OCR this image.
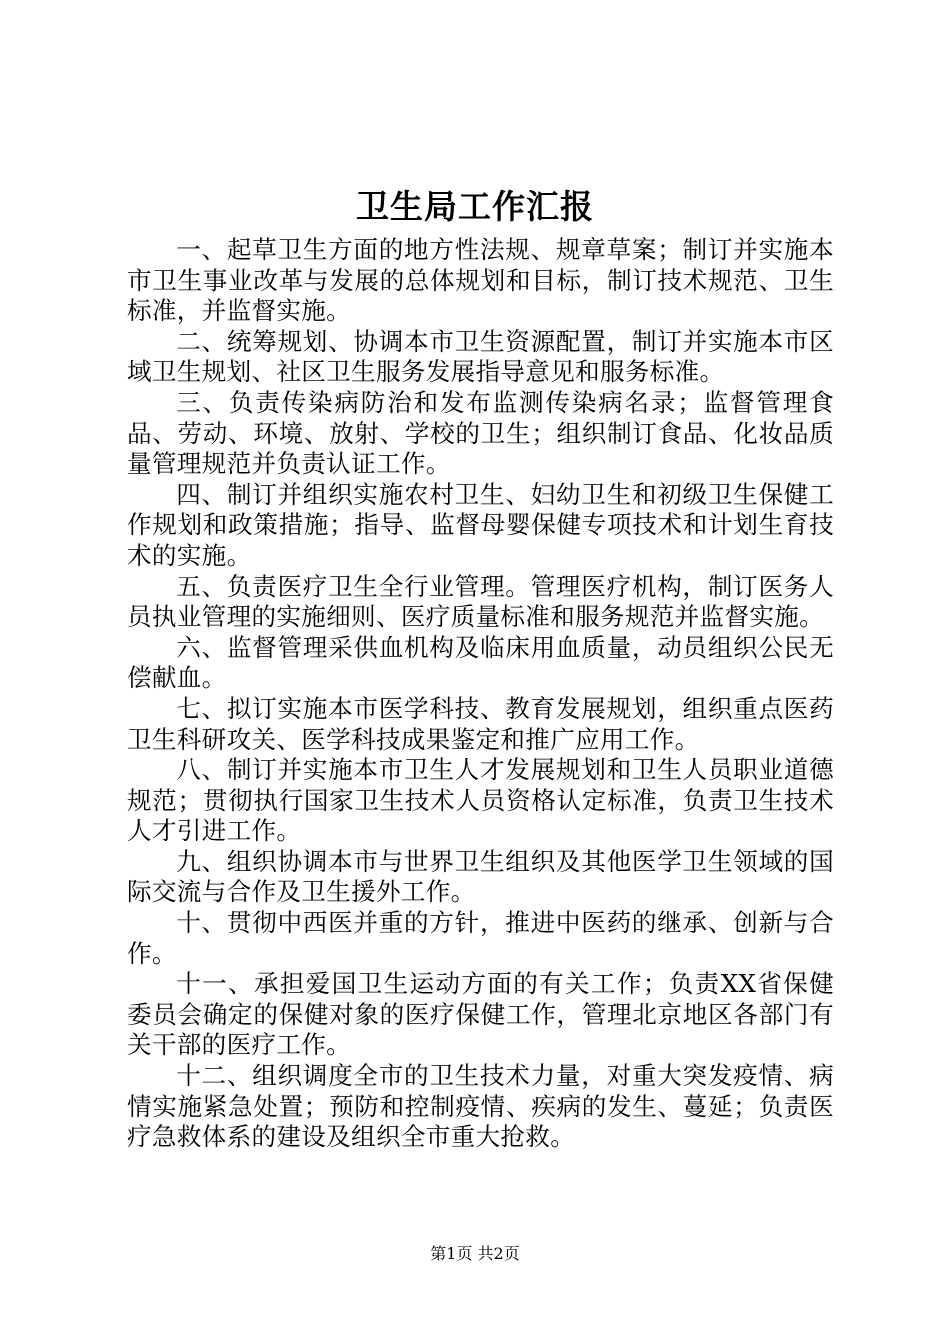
卫生局工作汇报

一、起草卫生方面的地方性法规、规章草案；制订并实施本市卫生事业改革与发展的总体规划和目标，制订技术规范、卫生标准，并监督实施。

二、统筹规划、协调本市卫生资源配置，制订并实施本市区域卫生规划、社区卫生服务发展指导意见和服务标准。

三、负责传染病防治和发布监测传染病名录；监督管理食品、劳动、环境、放射、学校的卫生；组织制订食品、化妆品质量管理规范并负责认证工作。

四、制订并组织实施农村卫生、妇幼卫生和初级卫生保健工作规划和政策措施；指导、监督母婴保健专项技术和计划生育技术的实施。

五、负责医疗卫生全行业管理。管理医疗机构，制订医务人员执业管理的实施细则、医疗质量标准和服务规范并监督实施。

六、监督管理采供血机构及临床用血质量，动员组织公民无偿献血。

七、拟订实施本市医学科技、教育发展规划，组织重点医药卫生科研攻关、医学科技成果鉴定和推广应用工作。

八、制订并实施本市卫生人才发展规划和卫生人员职业道德规范；贯彻执行国家卫生技术人员资格认定标准，负责卫生技术人才引进工作。

九、组织协调本市与世界卫生组织及其他医学卫生领域的国际交流与合作及卫生援外工作。

十、贯彻中西医并重的方针，推进中医药的继承、创新与合作。

十一、承担爱国卫生运动方面的有关工作；负责XX省保健委员会确定的保健对象的医疗保健工作，管理北京地区各部门有关干部的医疗工作。

十二、组织调度全市的卫生技术力量，对重大突发疫情、病情实施紧急处置；预防和控制疫情、疾病的发生、蔓延；负责医疗急救体系的建设及组织全市重大抢救。

第1页 共2页
